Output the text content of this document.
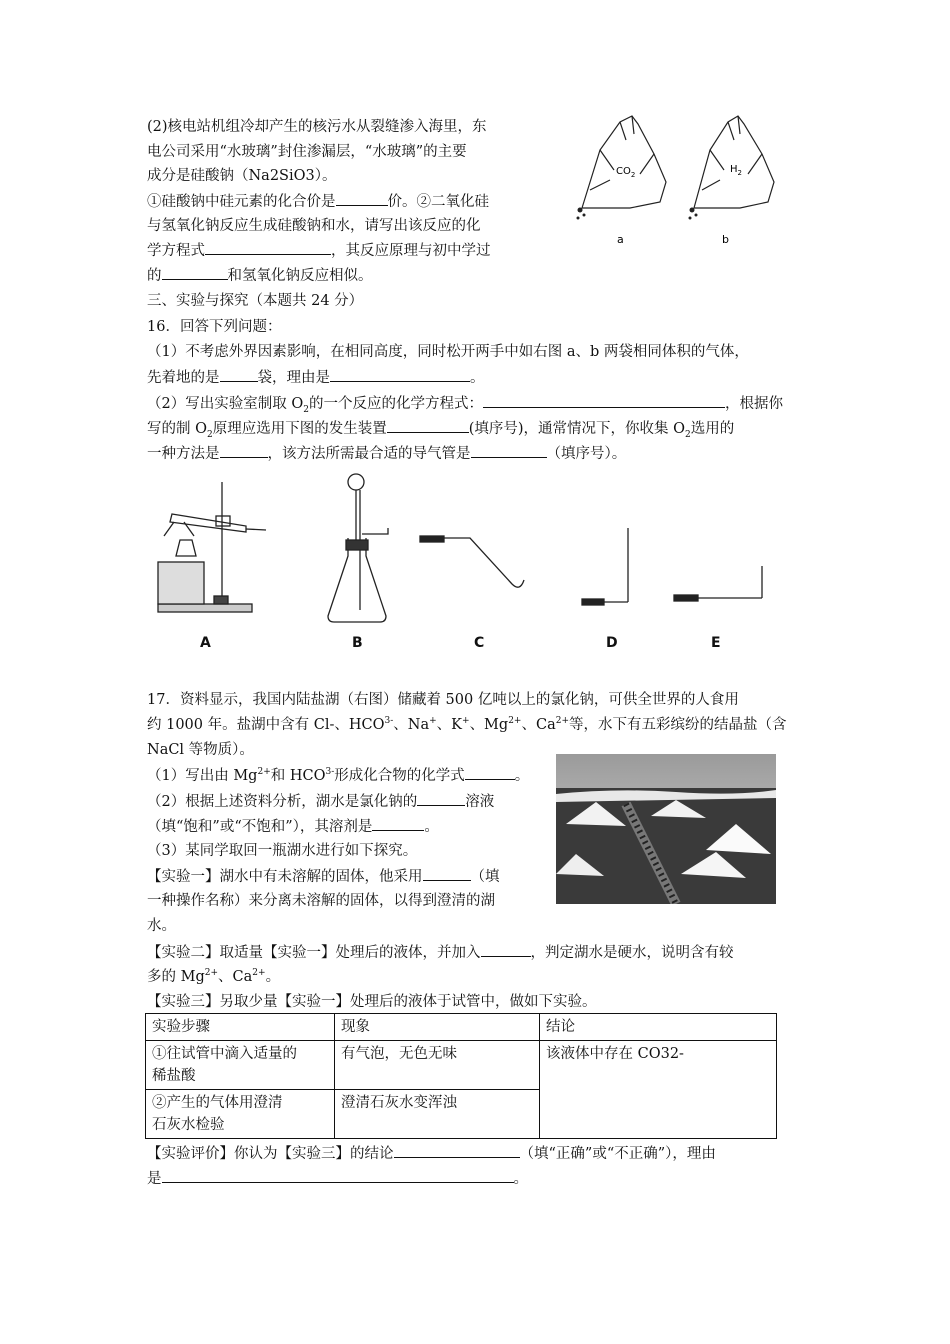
(2)核电站机组冷却产生的核污水从裂缝渗入海里，东
电公司采用“水玻璃”封住渗漏层，“水玻璃”的主要
成分是硅酸钠（Na2SiO3）。
①硅酸钠中硅元素的化合价是	价。②二氧化硅
与氢氧化钠反应生成硅酸钠和水，请写出该反应的化
学方程式	，其反应原理与初中学过
的	和氢氧化钠反应相似。
$CO_2$	$H_2$
a	b
三、实验与探究（本题共 24 分）
16．回答下列问题：
（1）不考虑外界因素影响，在相同高度，同时松开两手中如右图 a、b 两袋相同体积的气体，
先着地的是	袋，理由是	。
（2）写出实验室制取 $O_2$的一个反应的化学方程式：	，根据你
写的制 $O_2$原理应选用下图的发生装置	(填序号)，通常情况下，你收集 $O_2$选用的
一种方法是	，该方法所需最合适的导气管是	（填序号）。
A	B	C	D	E
17．资料显示，我国内陆盐湖（右图）储藏着 500 亿吨以上的氯化钠，可供全世界的人食用
约 1000 年。盐湖中含有 Cl-、$HCO^{3-}$、Na+、K+、$Mg^{2+}$、$Ca^{2+}$等，水下有五彩缤纷的结晶盐（含
NaCl 等物质）。
（1）写出由 $Mg^{2+}$和 $HCO^{3-}$形成化合物的化学式	。
（2）根据上述资料分析，湖水是氯化钠的	溶液
（填“饱和”或“不饱和”），其溶剂是	。
（3）某同学取回一瓶湖水进行如下探究。
【实验一】湖水中有未溶解的固体，他采用	（填
一种操作名称）来分离未溶解的固体，以得到澄清的湖
水。
【实验二】取适量【实验一】处理后的液体，并加入	，判定湖水是硬水，说明含有较
多的 $Mg^{2+}$、$Ca^{2+}$。
【实验三】另取少量【实验一】处理后的液体于试管中，做如下实验。
实验步骤	现象	结论

①往试管中滴入适量的
稀盐酸	有气泡，无色无味	该液体中存在 CO32-

②产生的气体用澄清
石灰水检验	澄清石灰水变浑浊	
【实验评价】你认为【实验三】的结论	（填“正确”或“不正确”），理由
是	。
